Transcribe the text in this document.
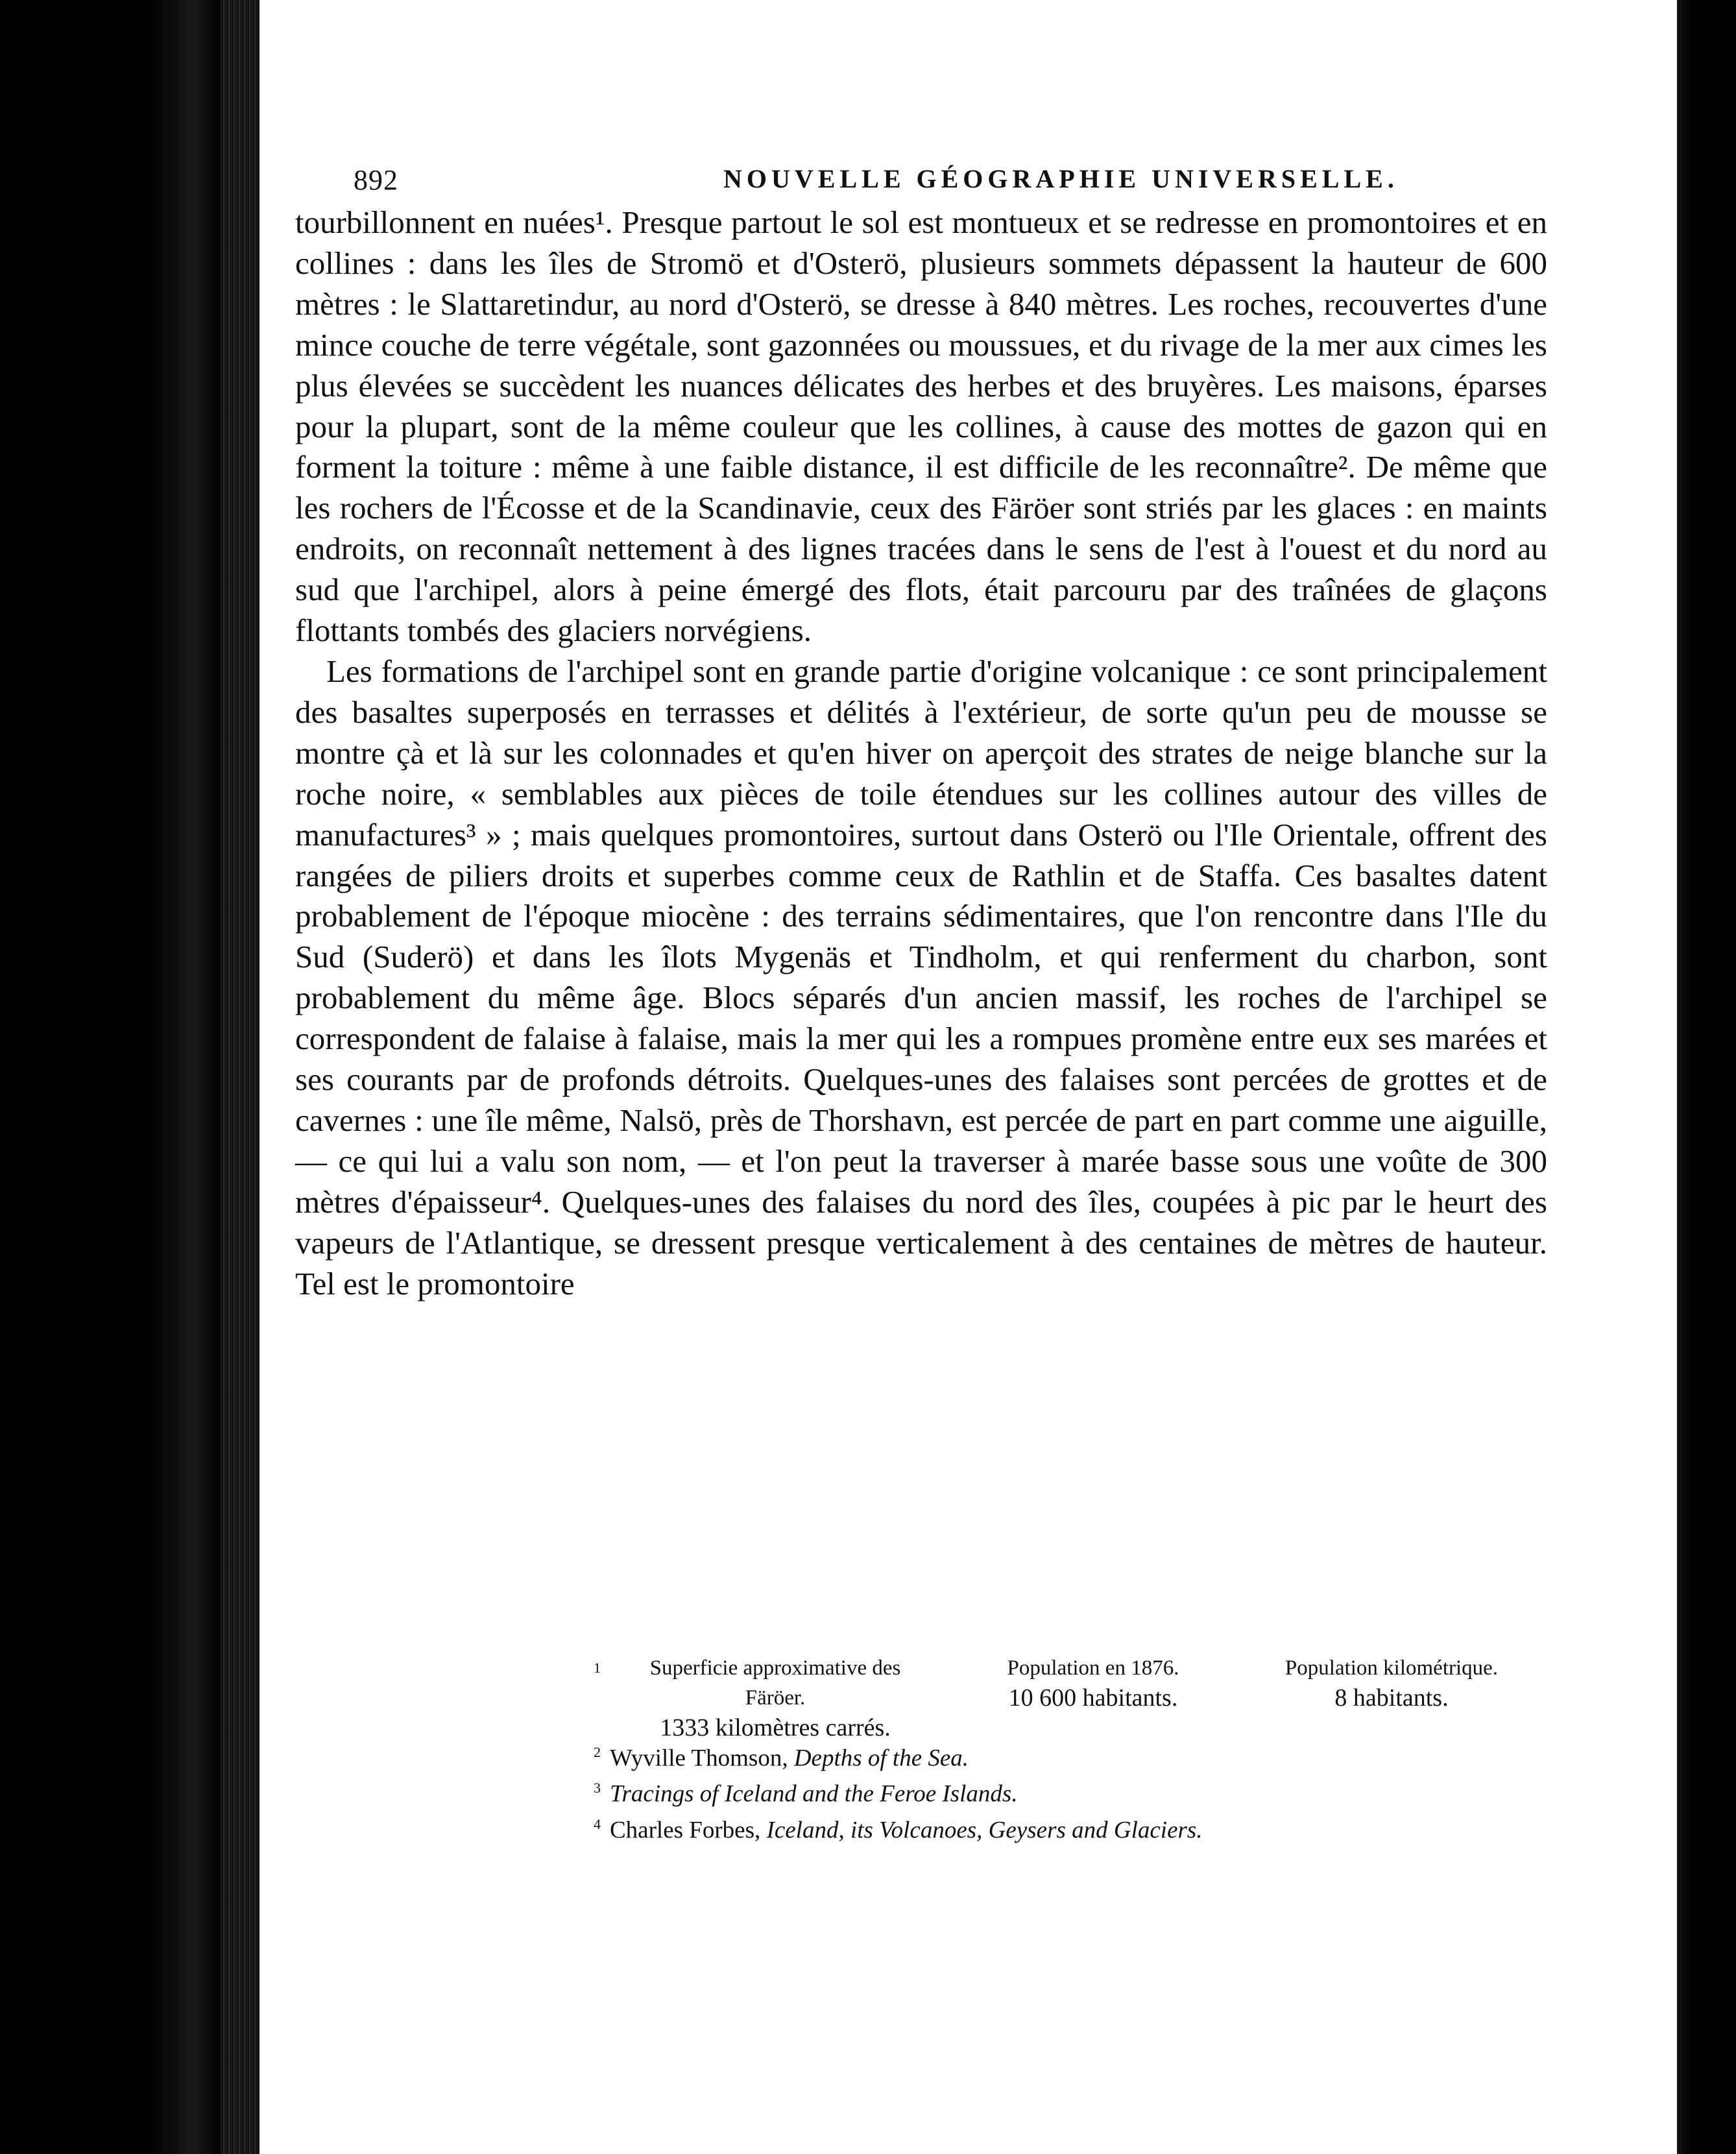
892	NOUVELLE GÉOGRAPHIE UNIVERSELLE.

tourbillonnent en nuées¹. Presque partout le sol est montueux et se redresse en promontoires et en collines : dans les îles de Stromö et d'Osterö, plusieurs sommets dépassent la hauteur de 600 mètres : le Slattaretindur, au nord d'Osterö, se dresse à 840 mètres. Les roches, recouvertes d'une mince couche de terre végétale, sont gazonnées ou moussues, et du rivage de la mer aux cimes les plus élevées se succèdent les nuances délicates des herbes et des bruyères. Les maisons, éparses pour la plupart, sont de la même couleur que les collines, à cause des mottes de gazon qui en forment la toiture : même à une faible distance, il est difficile de les reconnaître². De même que les rochers de l'Écosse et de la Scandinavie, ceux des Färöer sont striés par les glaces : en maints endroits, on reconnaît nettement à des lignes tracées dans le sens de l'est à l'ouest et du nord au sud que l'archipel, alors à peine émergé des flots, était parcouru par des traînées de glaçons flottants tombés des glaciers norvégiens.

Les formations de l'archipel sont en grande partie d'origine volcanique : ce sont principalement des basaltes superposés en terrasses et délités à l'extérieur, de sorte qu'un peu de mousse se montre çà et là sur les colonnades et qu'en hiver on aperçoit des strates de neige blanche sur la roche noire, « semblables aux pièces de toile étendues sur les collines autour des villes de manufactures³ » ; mais quelques promontoires, surtout dans Osterö ou l'Ile Orientale, offrent des rangées de piliers droits et superbes comme ceux de Rathlin et de Staffa. Ces basaltes datent probablement de l'époque miocène : des terrains sédimentaires, que l'on rencontre dans l'Ile du Sud (Suderö) et dans les îlots Mygenäs et Tindholm, et qui renferment du charbon, sont probablement du même âge. Blocs séparés d'un ancien massif, les roches de l'archipel se correspondent de falaise à falaise, mais la mer qui les a rompues promène entre eux ses marées et ses courants par de profonds détroits. Quelques-unes des falaises sont percées de grottes et de cavernes : une île même, Nalsö, près de Thorshavn, est percée de part en part comme une aiguille, — ce qui lui a valu son nom, — et l'on peut la traverser à marée basse sous une voûte de 300 mètres d'épaisseur⁴. Quelques-unes des falaises du nord des îles, coupées à pic par le heurt des vapeurs de l'Atlantique, se dressent presque verticalement à des centaines de mètres de hauteur. Tel est le promontoire

1	Superficie approximative des Färöer.
1333 kilomètres carrés.
Population en 1876.
10 600 habitants.
Population kilométrique.
8 habitants.

$^2$ Wyville Thomson, Depths of the Sea.

$^3$ Tracings of Iceland and the Feroe Islands.

$^4$ Charles Forbes, Iceland, its Volcanoes, Geysers and Glaciers.
